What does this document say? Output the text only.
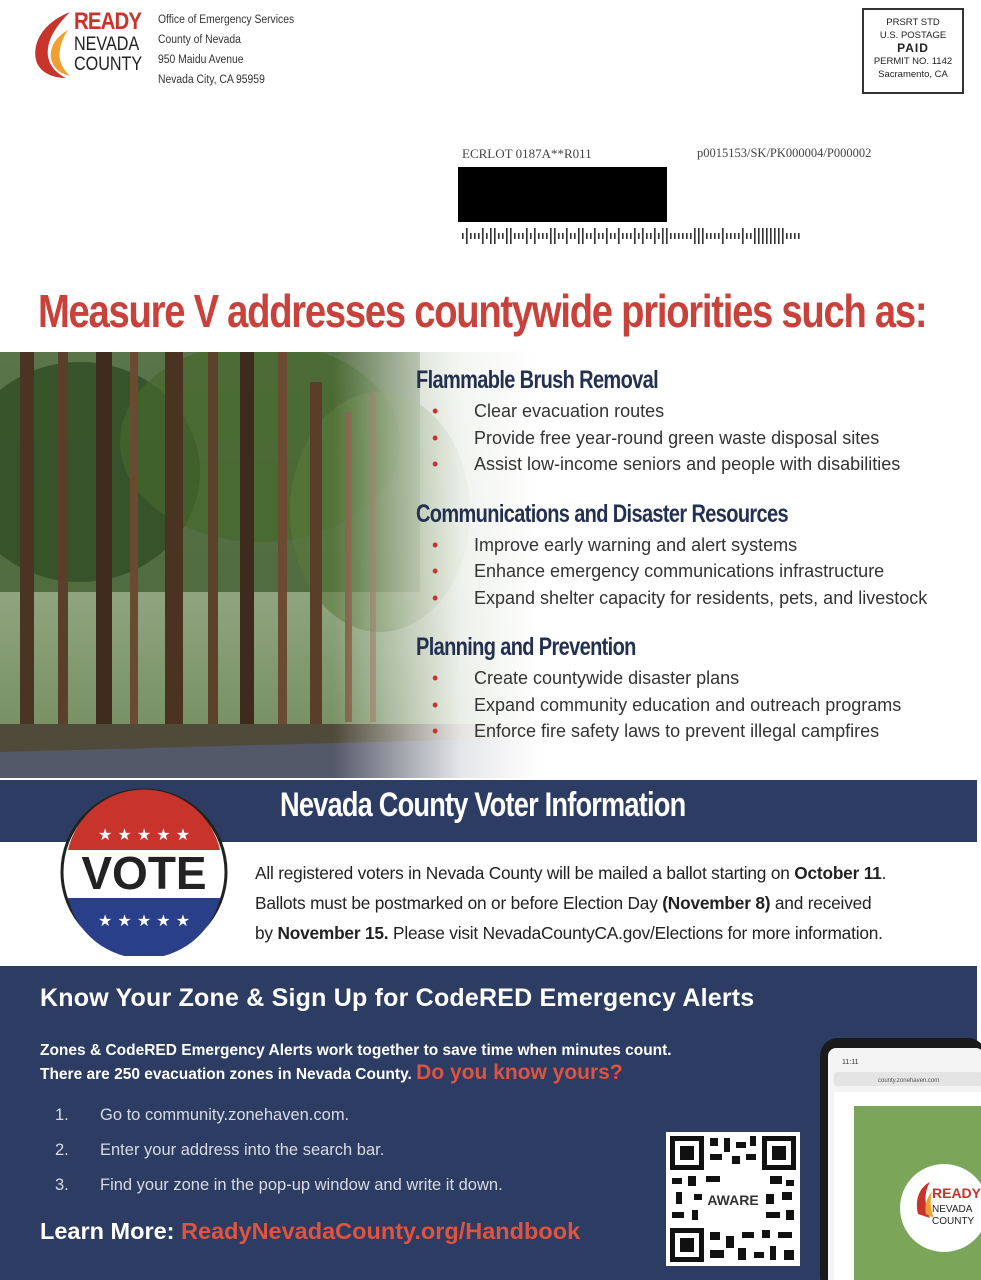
READY
NEVADA
COUNTY
Office of Emergency Services
County of Nevada
950 Maidu Avenue
Nevada City, CA 95959
PRSRT STD
U.S. POSTAGE
PAID
PERMIT NO. 1142
Sacramento, CA
ECRLOT 0187A**R011	p0015153/SK/PK000004/P000002
Measure V addresses countywide priorities such as:
Flammable Brush Removal
• Clear evacuation routes
• Provide free year-round green waste disposal sites
• Assist low-income seniors and people with disabilities
Communications and Disaster Resources
• Improve early warning and alert systems
• Enhance emergency communications infrastructure
• Expand shelter capacity for residents, pets, and livestock
Planning and Prevention
• Create countywide disaster plans
• Expand community education and outreach programs
• Enforce fire safety laws to prevent illegal campfires
Nevada County Voter Information
★ ★ ★ ★ ★
★ ★ ★ ★ ★
VOTE	All registered voters in Nevada County will be mailed a ballot starting on October 11.

Ballots must be postmarked on or before Election Day (November 8) and received

by November 15. Please visit NevadaCountyCA.gov/Elections for more information.

Know Your Zone & Sign Up for CodeRED Emergency Alerts
Zones & CodeRED Emergency Alerts work together to save time when minutes count.
There are 250 evacuation zones in Nevada County. Do you know yours?
1. Go to community.zonehaven.com.
2. Enter your address into the search bar.
3. Find your zone in the pop-up window and write it down.
Learn More: ReadyNevadaCounty.org/Handbook
AWARE
11:11
county.zonehaven.com
READY
NEVADA
COUNTY
